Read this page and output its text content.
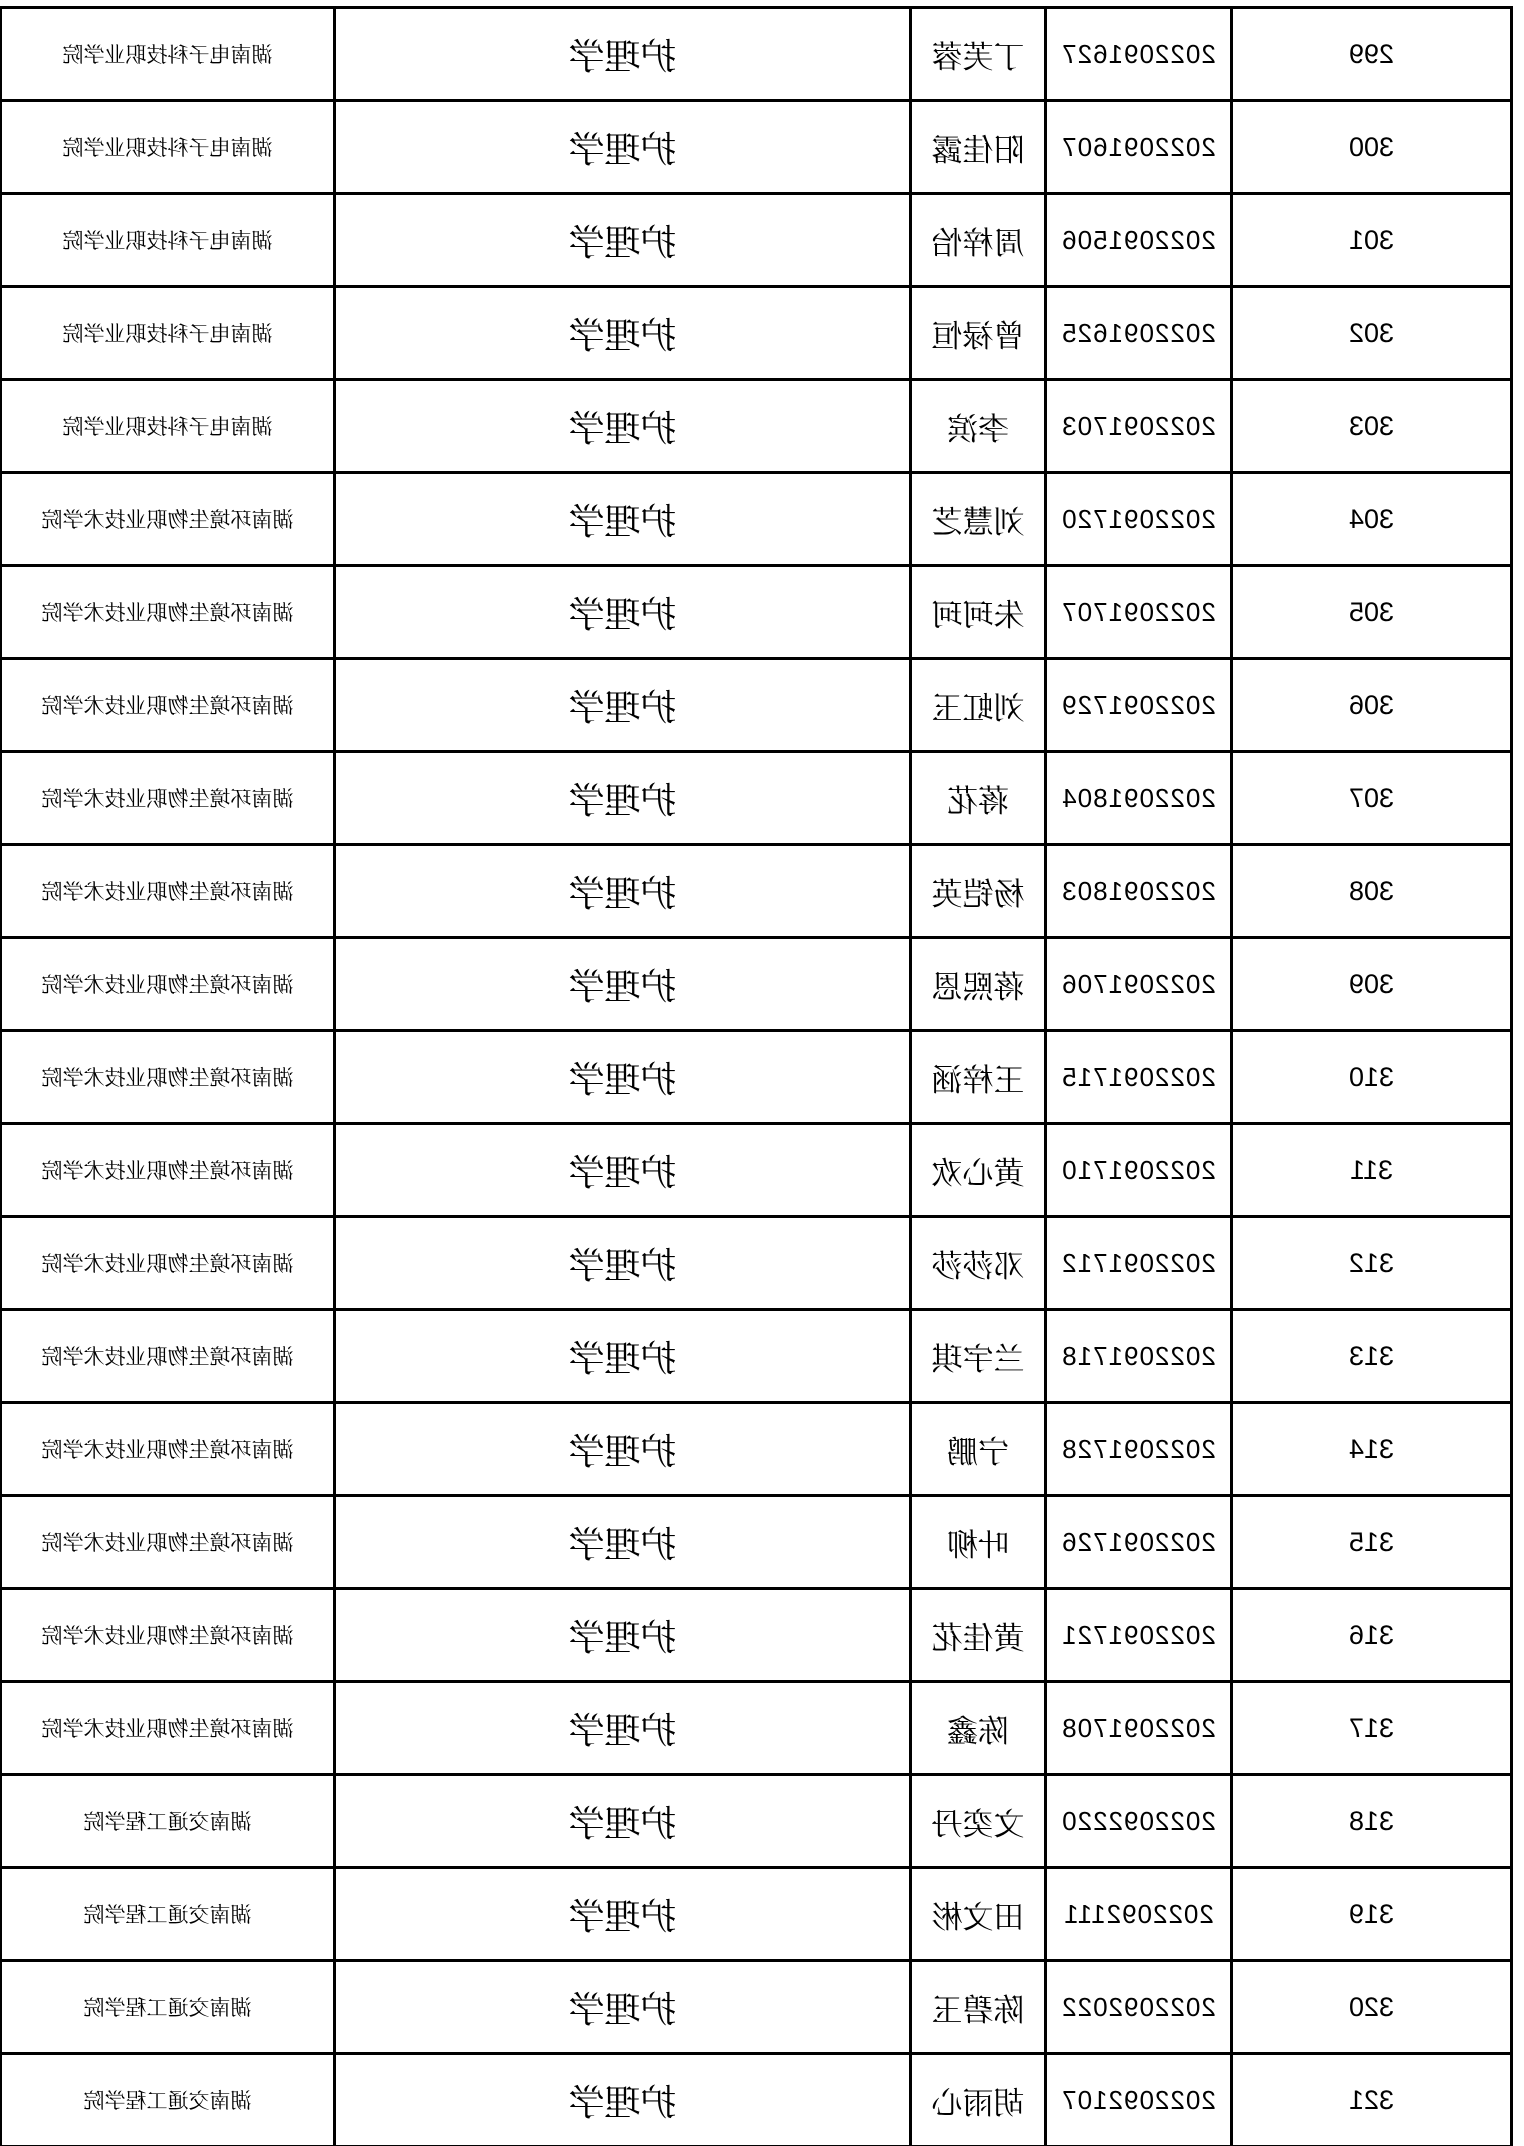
299	2022091627	丁芙蓉	护理学	湖南电子科技职业学院
300	2022091607	阳佳露	护理学	湖南电子科技职业学院
301	2022091506	周梓怡	护理学	湖南电子科技职业学院
302	2022091625	曾禄恒	护理学	湖南电子科技职业学院
303	2022091703	李滨	护理学	湖南电子科技职业学院
304	2022091720	刘慧芝	护理学	湖南环境生物职业技术学院
305	2022091707	朱珂珂	护理学	湖南环境生物职业技术学院
306	2022091729	刘虹玉	护理学	湖南环境生物职业技术学院
307	2022091804	蒋花	护理学	湖南环境生物职业技术学院
308	2022091803	杨铠英	护理学	湖南环境生物职业技术学院
309	2022091706	蒋熙恩	护理学	湖南环境生物职业技术学院
310	2022091715	王梓涵	护理学	湖南环境生物职业技术学院
311	2022091710	黄心欢	护理学	湖南环境生物职业技术学院
312	2022091712	邓莎莎	护理学	湖南环境生物职业技术学院
313	2022091718	兰宇琪	护理学	湖南环境生物职业技术学院
314	2022091728	宁鹏	护理学	湖南环境生物职业技术学院
315	2022091726	叶柳	护理学	湖南环境生物职业技术学院
316	2022091721	黄佳花	护理学	湖南环境生物职业技术学院
317	2022091708	陈鑫	护理学	湖南环境生物职业技术学院
318	2022092220	文奕丹	护理学	湖南交通工程学院
319	2022092111	田文彬	护理学	湖南交通工程学院
320	2022092022	陈碧玉	护理学	湖南交通工程学院
321	2022092107	胡雨心	护理学	湖南交通工程学院
